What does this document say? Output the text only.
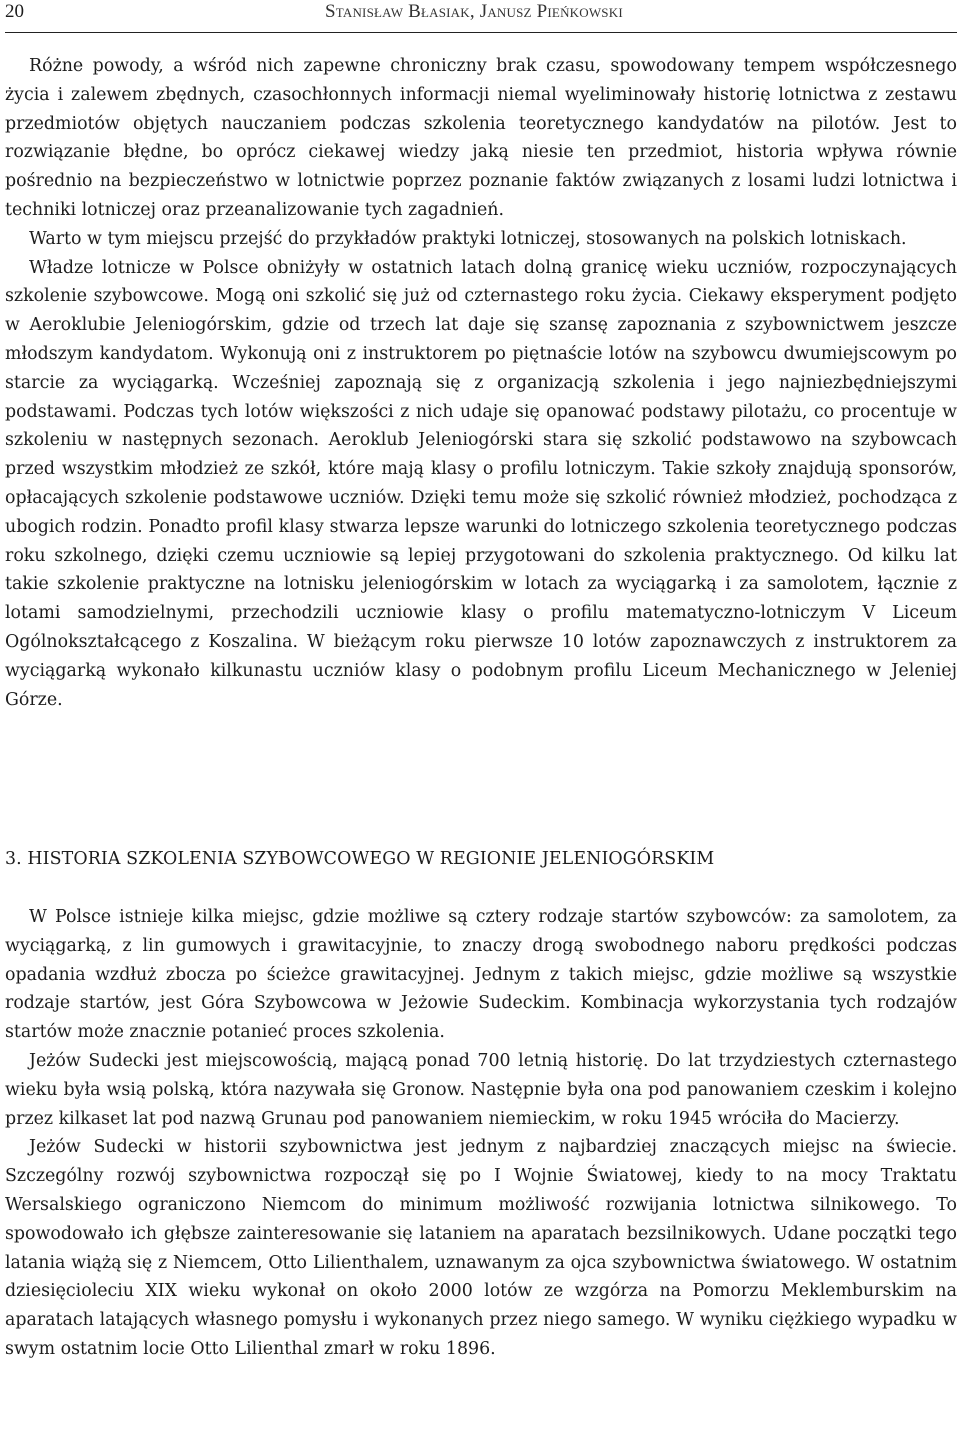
20	Stanisław Błasiak, Janusz Pieńkowski

Różne powody, a wśród nich zapewne chroniczny brak czasu, spowodowany tempem współczesnego życia i zalewem zbędnych, czasochłonnych informacji niemal wyeliminowały historię lotnictwa z zestawu przedmiotów objętych nauczaniem podczas szkolenia teoretycznego kandydatów na pilotów. Jest to rozwiązanie błędne, bo oprócz ciekawej wiedzy jaką niesie ten przedmiot, historia wpływa równie pośrednio na bezpieczeństwo w lotnictwie poprzez poznanie faktów związanych z losami ludzi lotnictwa i techniki lotniczej oraz przeanalizowanie tych zagadnień.

Warto w tym miejscu przejść do przykładów praktyki lotniczej, stosowanych na polskich lotniskach.

Władze lotnicze w Polsce obniżyły w ostatnich latach dolną granicę wieku uczniów, rozpoczynających szkolenie szybowcowe. Mogą oni szkolić się już od czternastego roku życia. Ciekawy eksperyment podjęto w Aeroklubie Jeleniogórskim, gdzie od trzech lat daje się szansę zapoznania z szybownictwem jeszcze młodszym kandydatom. Wykonują oni z instruktorem po piętnaście lotów na szybowcu dwumiejscowym po starcie za wyciągarką. Wcześniej zapoznają się z organizacją szkolenia i jego najniezbędniejszymi podstawami. Podczas tych lotów większości z nich udaje się opanować podstawy pilotażu, co procentuje w szkoleniu w następnych sezonach. Aeroklub Jeleniogórski stara się szkolić podstawowo na szybowcach przed wszystkim młodzież ze szkół, które mają klasy o profilu lotniczym. Takie szkoły znajdują sponsorów, opłacających szkolenie podstawowe uczniów. Dzięki temu może się szkolić również młodzież, pochodząca z ubogich rodzin. Ponadto profil klasy stwarza lepsze warunki do lotniczego szkolenia teoretycznego podczas roku szkolnego, dzięki czemu uczniowie są lepiej przygotowani do szkolenia praktycznego. Od kilku lat takie szkolenie praktyczne na lotnisku jeleniogórskim w lotach za wyciągarką i za samolotem, łącznie z lotami samodzielnymi, przechodzili uczniowie klasy o profilu matematyczno-lotniczym V Liceum Ogólnokształcącego z Koszalina. W bieżącym roku pierwsze 10 lotów zapoznawczych z instruktorem za wyciągarką wykonało kilkunastu uczniów klasy o podobnym profilu Liceum Mechanicznego w Jeleniej Górze.

3. HISTORIA SZKOLENIA SZYBOWCOWEGO W REGIONIE JELENIOGÓRSKIM

W Polsce istnieje kilka miejsc, gdzie możliwe są cztery rodzaje startów szybowców: za samolotem, za wyciągarką, z lin gumowych i grawitacyjnie, to znaczy drogą swobodnego naboru prędkości podczas opadania wzdłuż zbocza po ścieżce grawitacyjnej. Jednym z takich miejsc, gdzie możliwe są wszystkie rodzaje startów, jest Góra Szybowcowa w Jeżowie Sudeckim. Kombinacja wykorzystania tych rodzajów startów może znacznie potanieć proces szkolenia.

Jeżów Sudecki jest miejscowością, mającą ponad 700 letnią historię. Do lat trzydziestych czternastego wieku była wsią polską, która nazywała się Gronow. Następnie była ona pod panowaniem czeskim i kolejno przez kilkaset lat pod nazwą Grunau pod panowaniem niemieckim, w roku 1945 wróciła do Macierzy.

Jeżów Sudecki w historii szybownictwa jest jednym z najbardziej znaczących miejsc na świecie. Szczególny rozwój szybownictwa rozpoczął się po I Wojnie Światowej, kiedy to na mocy Traktatu Wersalskiego ograniczono Niemcom do minimum możliwość rozwijania lotnictwa silnikowego. To spowodowało ich głębsze zainteresowanie się lataniem na aparatach bezsilnikowych. Udane początki tego latania wiążą się z Niemcem, Otto Lilienthalem, uznawanym za ojca szybownictwa światowego. W ostatnim dziesięcioleciu XIX wieku wykonał on około 2000 lotów ze wzgórza na Pomorzu Meklemburskim na aparatach latających własnego pomysłu i wykonanych przez niego samego. W wyniku ciężkiego wypadku w swym ostatnim locie Otto Lilienthal zmarł w roku 1896.
